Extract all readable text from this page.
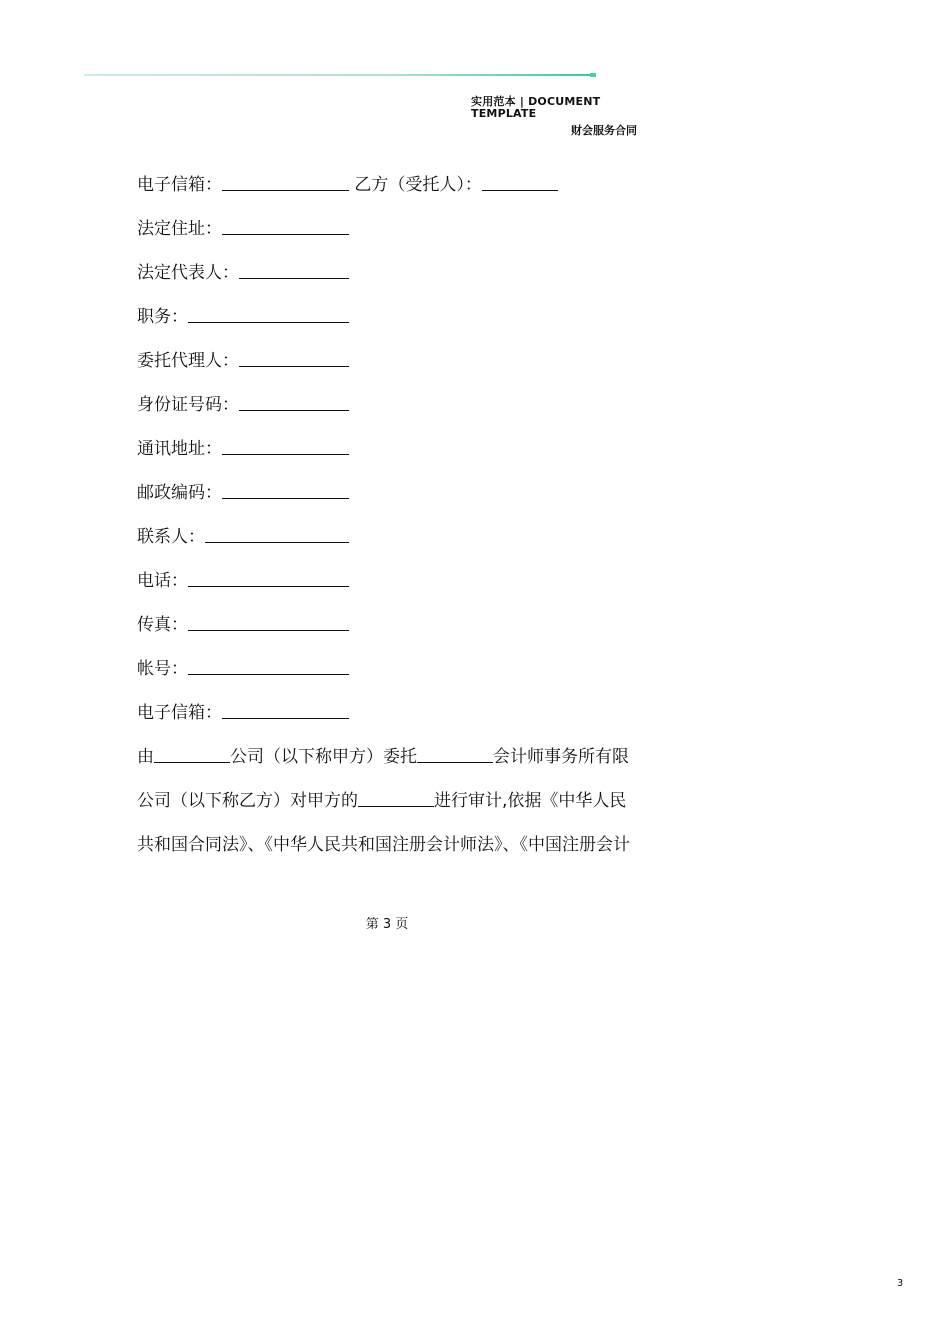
实用范本 | DOCUMENT TEMPLATE
财会服务合同
电子信箱：	乙方（受托人）：
法定住址：
法定代表人：
职务：
委托代理人：
身份证号码：
通讯地址：
邮政编码：
联系人：
电话：
传真：
帐号：
电子信箱：
由	公司（以下称甲方）委托	会计师事务所有限
公司（以下称乙方）对甲方的	进行审计,依据《中华人民
共和国合同法》、《中华人民共和国注册会计师法》、《中国注册会计
第 3 页
3
